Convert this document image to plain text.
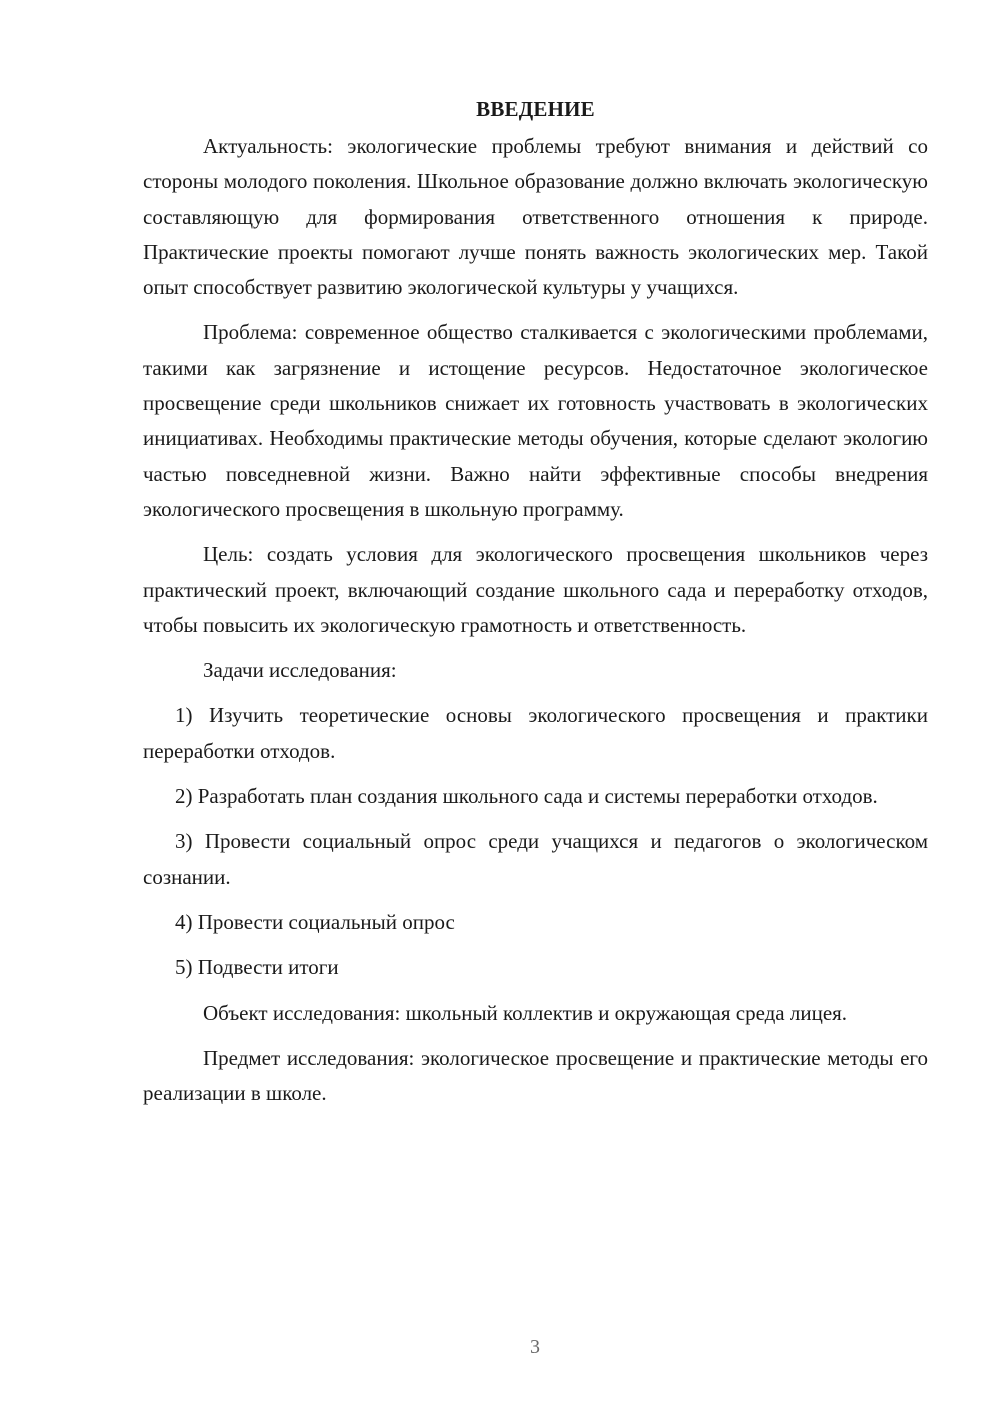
ВВЕДЕНИЕ

Актуальность: экологические проблемы требуют внимания и действий со стороны молодого поколения. Школьное образование должно включать экологическую составляющую для формирования ответственного отношения к природе. Практические проекты помогают лучше понять важность экологических мер. Такой опыт способствует развитию экологической культуры у учащихся.

Проблема: современное общество сталкивается с экологическими проблемами, такими как загрязнение и истощение ресурсов. Недостаточное экологическое просвещение среди школьников снижает их готовность участвовать в экологических инициативах. Необходимы практические методы обучения, которые сделают экологию частью повседневной жизни. Важно найти эффективные способы внедрения экологического просвещения в школьную программу.

Цель: создать условия для экологического просвещения школьников через практический проект, включающий создание школьного сада и переработку отходов, чтобы повысить их экологическую грамотность и ответственность.

Задачи исследования:

1) Изучить теоретические основы экологического просвещения и практики переработки отходов.

2) Разработать план создания школьного сада и системы переработки отходов.

3) Провести социальный опрос среди учащихся и педагогов о экологическом сознании.

4) Провести социальный опрос

5) Подвести итоги

Объект исследования: школьный коллектив и окружающая среда лицея.

Предмет исследования: экологическое просвещение и практические методы его реализации в школе.

3
